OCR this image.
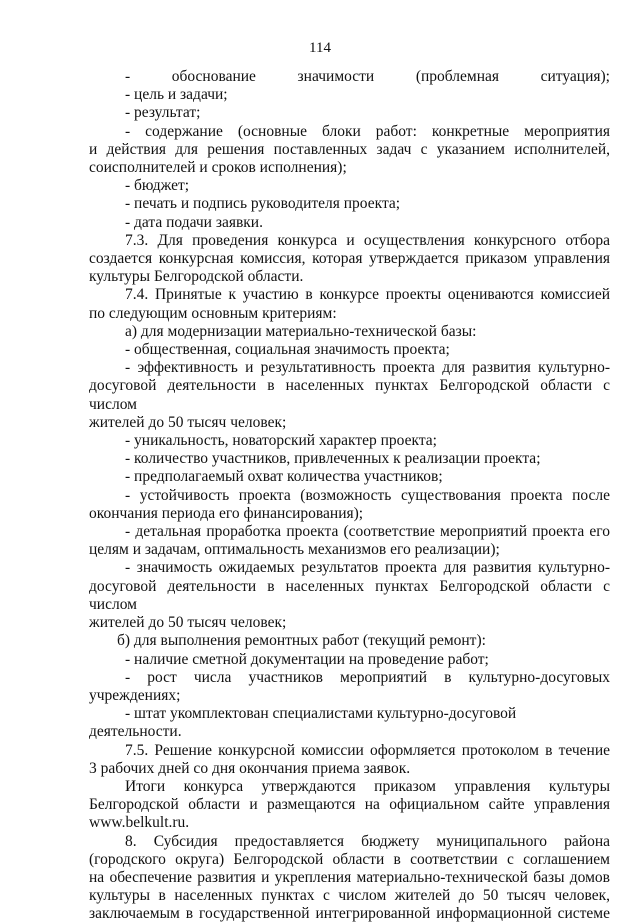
114

- обоснование значимости (проблемная ситуация);

- цель и задачи;

- результат;

- содержание (основные блоки работ: конкретные мероприятия

и действия для решения поставленных задач с указанием исполнителей,

соисполнителей и сроков исполнения);

- бюджет;

- печать и подпись руководителя проекта;

- дата подачи заявки.

7.3. Для проведения конкурса и осуществления конкурсного отбора

создается конкурсная комиссия, которая утверждается приказом управления

культуры Белгородской области.

7.4. Принятые к участию в конкурсе проекты оцениваются комиссией

по следующим основным критериям:

а) для модернизации материально-технической базы:

- общественная, социальная значимость проекта;

- эффективность и результативность проекта для развития культурно-

досуговой деятельности в населенных пунктах Белгородской области с числом

жителей до 50 тысяч человек;

- уникальность, новаторский характер проекта;

- количество участников, привлеченных к реализации проекта;

- предполагаемый охват количества участников;

- устойчивость проекта (возможность существования проекта после

окончания периода его финансирования);

- детальная проработка проекта (соответствие мероприятий проекта его

целям и задачам, оптимальность механизмов его реализации);

- значимость ожидаемых результатов проекта для развития культурно-

досуговой деятельности в населенных пунктах Белгородской области с числом

жителей до 50 тысяч человек;

б) для выполнения ремонтных работ (текущий ремонт):

- наличие сметной документации на проведение работ;

- рост числа участников мероприятий в культурно-досуговых

учреждениях;

- штат укомплектован специалистами культурно-досуговой деятельности.

7.5. Решение конкурсной комиссии оформляется протоколом в течение

3 рабочих дней со дня окончания приема заявок.

Итоги конкурса утверждаются приказом управления культуры

Белгородской области и размещаются на официальном сайте управления

www.belkult.ru.

8. Субсидия предоставляется бюджету муниципального района

(городского округа) Белгородской области в соответствии с соглашением

на обеспечение развития и укрепления материально-технической базы домов

культуры в населенных пунктах с числом жителей до 50 тысяч человек,

заключаемым в государственной интегрированной информационной системе
